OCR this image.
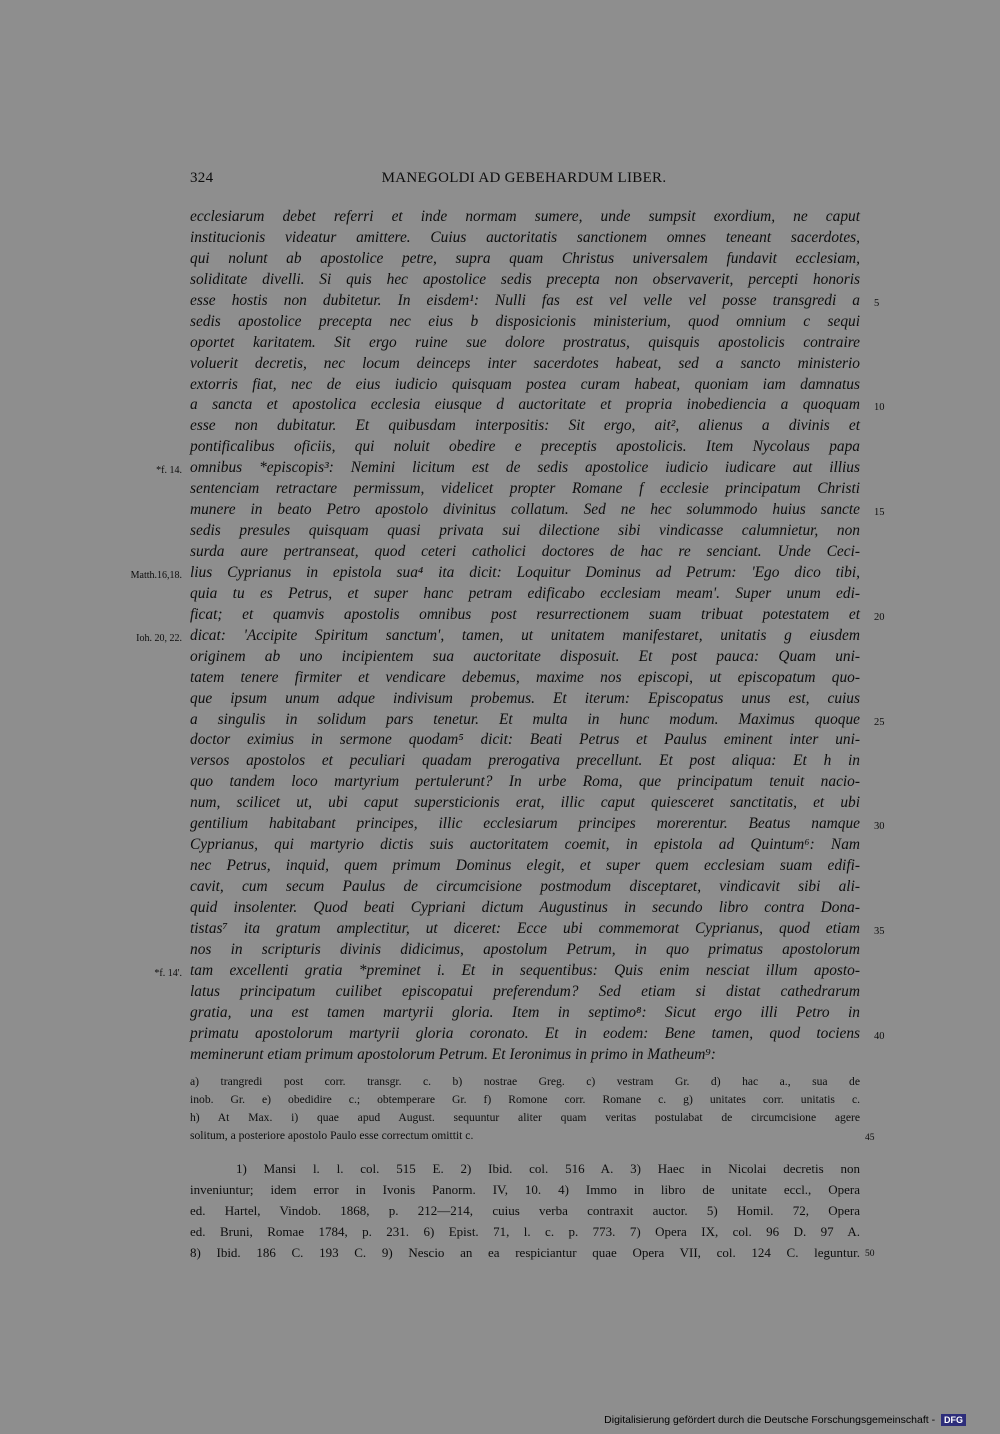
324	MANEGOLDI AD GEBEHARDUM LIBER.
ecclesiarum debet referri et inde normam sumere, unde sumpsit exordium, ne caput
institucionis videatur amittere. Cuius auctoritatis sanctionem omnes teneant sacerdotes,
qui nolunt ab apostolice petre, supra quam Christus universalem fundavit ecclesiam,
soliditate divelli. Si quis hec apostolice sedis precepta non observaverit, percepti honoris
esse hostis non dubitetur. In eisdem¹: Nulli fas est vel velle vel posse transgredi a 5
sedis apostolice precepta nec eius b disposicionis ministerium, quod omnium c sequi
oportet karitatem. Sit ergo ruine sue dolore prostratus, quisquis apostolicis contraire
voluerit decretis, nec locum deinceps inter sacerdotes habeat, sed a sancto ministerio
extorris fiat, nec de eius iudicio quisquam postea curam habeat, quoniam iam damnatus
a sancta et apostolica ecclesia eiusque d auctoritate et propria inobediencia a quoquam 10
esse non dubitatur. Et quibusdam interpositis: Sit ergo, ait², alienus a divinis et
pontificalibus oficiis, qui noluit obedire e preceptis apostolicis. Item Nycolaus papa
*f. 14. omnibus *episcopis³: Nemini licitum est de sedis apostolice iudicio iudicare aut illius
sentenciam retractare permissum, videlicet propter Romane f ecclesie principatum Christi
munere in beato Petro apostolo divinitus collatum. Sed ne hec solummodo huius sancte 15
sedis presules quisquam quasi privata sui dilectione sibi vindicasse calumnietur, non
surda aure pertranseat, quod ceteri catholici doctores de hac re senciant. Unde Ceci-
Matth.16,18. lius Cyprianus in epistola sua⁴ ita dicit: Loquitur Dominus ad Petrum: 'Ego dico tibi,
quia tu es Petrus, et super hanc petram edificabo ecclesiam meam'. Super unum edi-
ficat; et quamvis apostolis omnibus post resurrectionem suam tribuat potestatem et 20
Ioh. 20, 22. dicat: 'Accipite Spiritum sanctum', tamen, ut unitatem manifestaret, unitatis g eiusdem
originem ab uno incipientem sua auctoritate disposuit. Et post pauca: Quam uni-
tatem tenere firmiter et vendicare debemus, maxime nos episcopi, ut episcopatum quo-
que ipsum unum adque indivisum probemus. Et iterum: Episcopatus unus est, cuius
a singulis in solidum pars tenetur. Et multa in hunc modum. Maximus quoque 25
doctor eximius in sermone quodam⁵ dicit: Beati Petrus et Paulus eminent inter uni-
versos apostolos et peculiari quadam prerogativa precellunt. Et post aliqua: Et h in
quo tandem loco martyrium pertulerunt? In urbe Roma, que principatum tenuit nacio-
num, scilicet ut, ubi caput supersticionis erat, illic caput quiesceret sanctitatis, et ubi
gentilium habitabant principes, illic ecclesiarum principes morerentur. Beatus namque 30
Cyprianus, qui martyrio dictis suis auctoritatem coemit, in epistola ad Quintum⁶: Nam
nec Petrus, inquid, quem primum Dominus elegit, et super quem ecclesiam suam edifi-
cavit, cum secum Paulus de circumcisione postmodum disceptaret, vindicavit sibi ali-
quid insolenter. Quod beati Cypriani dictum Augustinus in secundo libro contra Dona-
tistas⁷ ita gratum amplectitur, ut diceret: Ecce ubi commemorat Cyprianus, quod etiam 35
nos in scripturis divinis didicimus, apostolum Petrum, in quo primatus apostolorum
*f. 14'. tam excellenti gratia *preminet i. Et in sequentibus: Quis enim nesciat illum aposto-
latus principatum cuilibet episcopatui preferendum? Sed etiam si distat cathedrarum
gratia, una est tamen martyrii gloria. Item in septimo⁸: Sicut ergo illi Petro in
primatu apostolorum martyrii gloria coronato. Et in eodem: Bene tamen, quod tociens 40
meminerunt etiam primum apostolorum Petrum. Et Ieronimus in primo in Matheum⁹:
a) trangredi post corr. transgr. c. b) nostrae Greg. c) vestram Gr. d) hac a., sua de
inob. Gr. e) obedidire c.; obtemperare Gr. f) Romone corr. Romane c. g) unitates corr. unitatis c.
h) At Max. i) quae apud August. sequuntur aliter quam veritas postulabat de circumcisione agere
solitum, a posteriore apostolo Paulo esse correctum omittit c.	45
1) Mansi l. l. col. 515 E. 2) Ibid. col. 516 A. 3) Haec in Nicolai decretis non
inveniuntur; idem error in Ivonis Panorm. IV, 10. 4) Immo in libro de unitate eccl., Opera
ed. Hartel, Vindob. 1868, p. 212—214, cuius verba contraxit auctor. 5) Homil. 72, Opera
ed. Bruni, Romae 1784, p. 231. 6) Epist. 71, l. c. p. 773. 7) Opera IX, col. 96 D. 97 A.
8) Ibid. 186 C. 193 C. 9) Nescio an ea respiciantur quae Opera VII, col. 124 C. leguntur. 50
Digitalisierung gefördert durch die Deutsche Forschungsgemeinschaft - DFG
